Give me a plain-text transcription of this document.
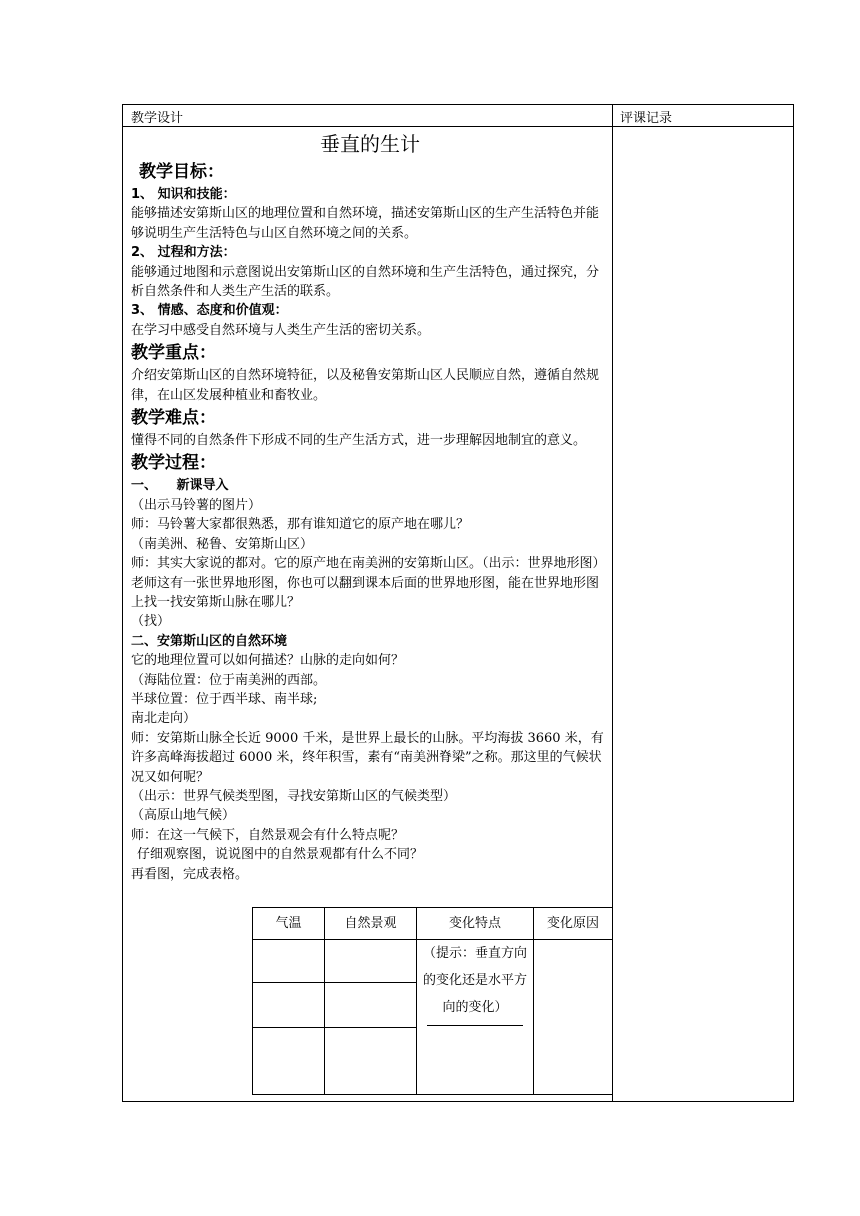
教学设计	评课记录
垂直的生计
教学目标：
1、 知识和技能：
能够描述安第斯山区的地理位置和自然环境，描述安第斯山区的生产生活特色并能够说明生产生活特色与山区自然环境之间的关系。
2、 过程和方法：
能够通过地图和示意图说出安第斯山区的自然环境和生产生活特色，通过探究，分析自然条件和人类生产生活的联系。
3、 情感、态度和价值观：
在学习中感受自然环境与人类生产生活的密切关系。
教学重点：
介绍安第斯山区的自然环境特征，以及秘鲁安第斯山区人民顺应自然，遵循自然规律，在山区发展种植业和畜牧业。
教学难点：
懂得不同的自然条件下形成不同的生产生活方式，进一步理解因地制宜的意义。
教学过程：
一、　　新课导入
（出示马铃薯的图片）
师：马铃薯大家都很熟悉，那有谁知道它的原产地在哪儿？
（南美洲、秘鲁、安第斯山区）
师：其实大家说的都对。它的原产地在南美洲的安第斯山区。（出示：世界地形图）老师这有一张世界地形图，你也可以翻到课本后面的世界地形图，能在世界地形图上找一找安第斯山脉在哪儿？
（找）
二、安第斯山区的自然环境
它的地理位置可以如何描述？山脉的走向如何？
（海陆位置：位于南美洲的西部。
半球位置：位于西半球、南半球;
南北走向）
师：安第斯山脉全长近 9000 千米，是世界上最长的山脉。平均海拔 3660 米，有许多高峰海拔超过 6000 米，终年积雪，素有“南美洲脊梁”之称。那这里的气候状况又如何呢？
（出示：世界气候类型图，寻找安第斯山区的气候类型）
（高原山地气候）
师：在这一气候下，自然景观会有什么特点呢？
仔细观察图，说说图中的自然景观都有什么不同？
再看图，完成表格。
气温	自然景观	变化特点	变化原因
		（提示：垂直方向的变化还是水平方向的变化）
